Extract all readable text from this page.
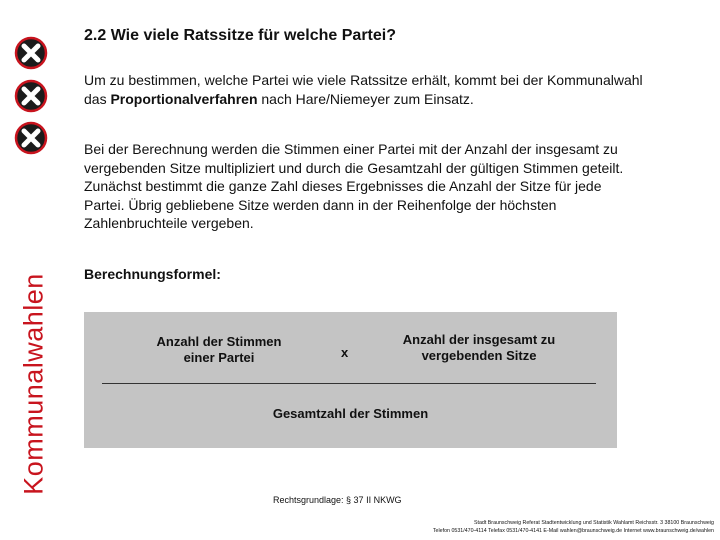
Kommunalwahlen
2.2 Wie viele Ratssitze für welche Partei?

Um zu bestimmen, welche Partei wie viele Ratssitze erhält, kommt bei der Kommunalwahl das Proportionalverfahren nach Hare/Niemeyer zum Einsatz.

Bei der Berechnung werden die Stimmen einer Partei mit der Anzahl der insgesamt zu vergebenden Sitze multipliziert und durch die Gesamtzahl der gültigen Stimmen geteilt. Zunächst bestimmt die ganze Zahl dieses Ergebnisses die Anzahl der Sitze für jede Partei. Übrig gebliebene Sitze werden dann in der Reihenfolge der höchsten Zahlenbruchteile vergeben.

Berechnungsformel:

Anzahl der Stimmen
einer Partei	x
Anzahl der insgesamt zu
vergebenden Sitze
Gesamtzahl der Stimmen
Rechtsgrundlage: § 37 II NKWG
Stadt Braunschweig Referat Stadtentwicklung und Statistik Wahlamt Reichsstr. 3 38100 Braunschweig
Telefon 0531/470-4114 Telefax 0531/470-4141 E-Mail wahlen@braunschweig.de Internet www.braunschweig.de/wahlen
